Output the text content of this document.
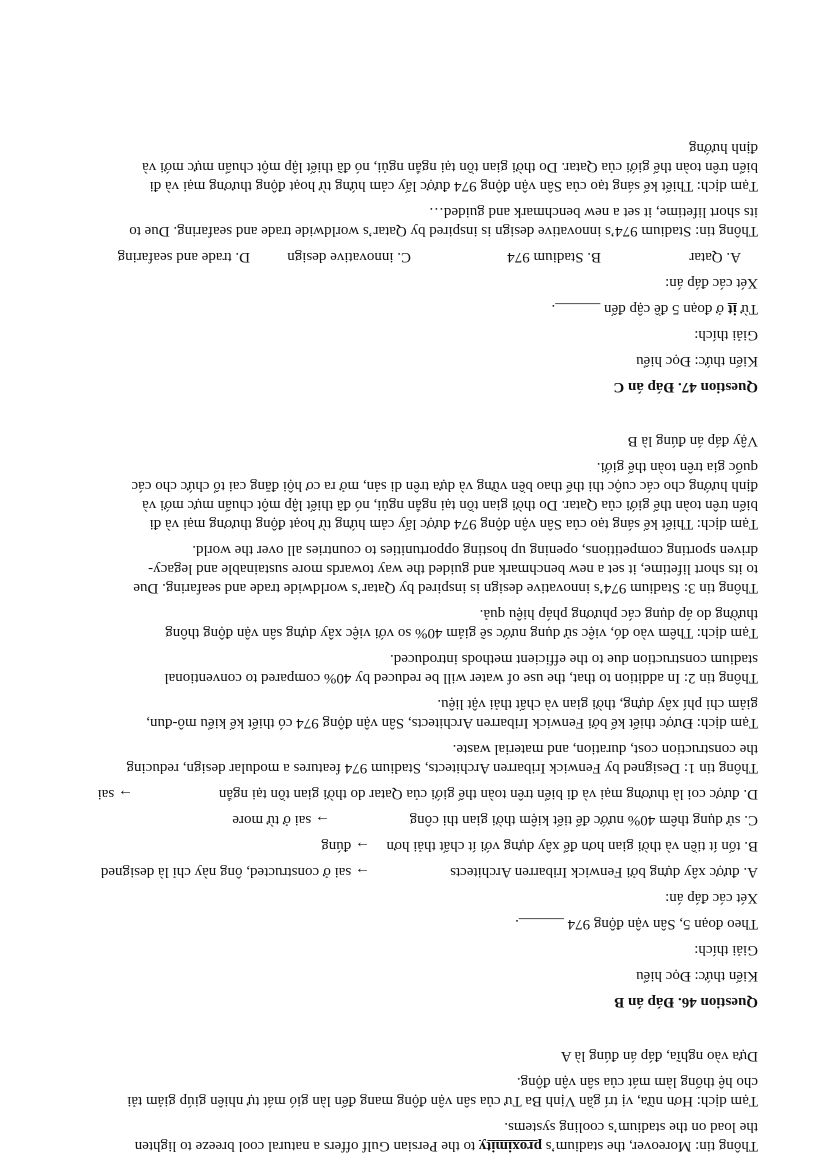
Thông tin: Moreover, the stadium’s proximity to the Persian Gulf offers a natural cool breeze to lighten
the load on the stadium’s cooling systems.
Tạm dịch: Hơn nữa, vị trí gần Vịnh Ba Tư của sân vận động mang đến làn gió mát tự nhiên giúp giảm tải
cho hệ thống làm mát của sân vận động.
Dựa vào nghĩa, đáp án đúng là A
Question 46. Đáp án B
Kiến thức: Đọc hiểu
Giải thích:
Theo đoạn 5, Sân vận động 974 ______.
Xét các đáp án:
A. được xây dựng bởi Fenwick Iribarren Architects
→ sai ở constructed, ông này chỉ là designed
B. tốn ít tiền và thời gian hơn để xây dựng với ít chất thải hơn
→ đúng
C. sử dụng thêm 40% nước để tiết kiệm thời gian thi công
→ sai ở từ more
D. được coi là thương mại và đi biển trên toàn thế giới của Qatar do thời gian tồn tại ngắn
→ sai
Thông tin 1: Designed by Fenwick Iribarren Architects, Stadium 974 features a modular design, reducing
the construction cost, duration, and material waste.
Tạm dịch: Được thiết kế bởi Fenwick Iribarren Architects, Sân vận động 974 có thiết kế kiểu mô-đun,
giảm chi phí xây dựng, thời gian và chất thải vật liệu.
Thông tin 2: In addition to that, the use of water will be reduced by 40% compared to conventional
stadium construction due to the efficient methods introduced.
Tạm dịch: Thêm vào đó, việc sử dụng nước sẽ giảm 40% so với việc xây dựng sân vận động thông
thường do áp dụng các phương pháp hiệu quả.
Thông tin 3: Stadium 974’s innovative design is inspired by Qatar’s worldwide trade and seafaring. Due
to its short lifetime, it set a new benchmark and guided the way towards more sustainable and legacy-
driven sporting competitions, opening up hosting opportunities to countries all over the world.
Tạm dịch: Thiết kế sáng tạo của Sân vận động 974 được lấy cảm hứng từ hoạt động thương mại và đi
biển trên toàn thế giới của Qatar. Do thời gian tồn tại ngắn ngủi, nó đã thiết lập một chuẩn mực mới và
định hướng cho các cuộc thi thể thao bền vững và dựa trên di sản, mở ra cơ hội đăng cai tổ chức cho các
quốc gia trên toàn thế giới.
Vậy đáp án đúng là B
Question 47. Đáp án C
Kiến thức: Đọc hiểu
Giải thích:
Từ it ở đoạn 5 đề cập đến ______.
Xét các đáp án:
A. Qatar
B. Stadium 974
C. innovative design
D. trade and seafaring
Thông tin: Stadium 974’s innovative design is inspired by Qatar’s worldwide trade and seafaring. Due to
its short lifetime, it set a new benchmark and guided…
Tạm dịch: Thiết kế sáng tạo của Sân vận động 974 được lấy cảm hứng từ hoạt động thương mại và đi
biển trên toàn thế giới của Qatar. Do thời gian tồn tại ngắn ngủi, nó đã thiết lập một chuẩn mực mới và
định hướng
